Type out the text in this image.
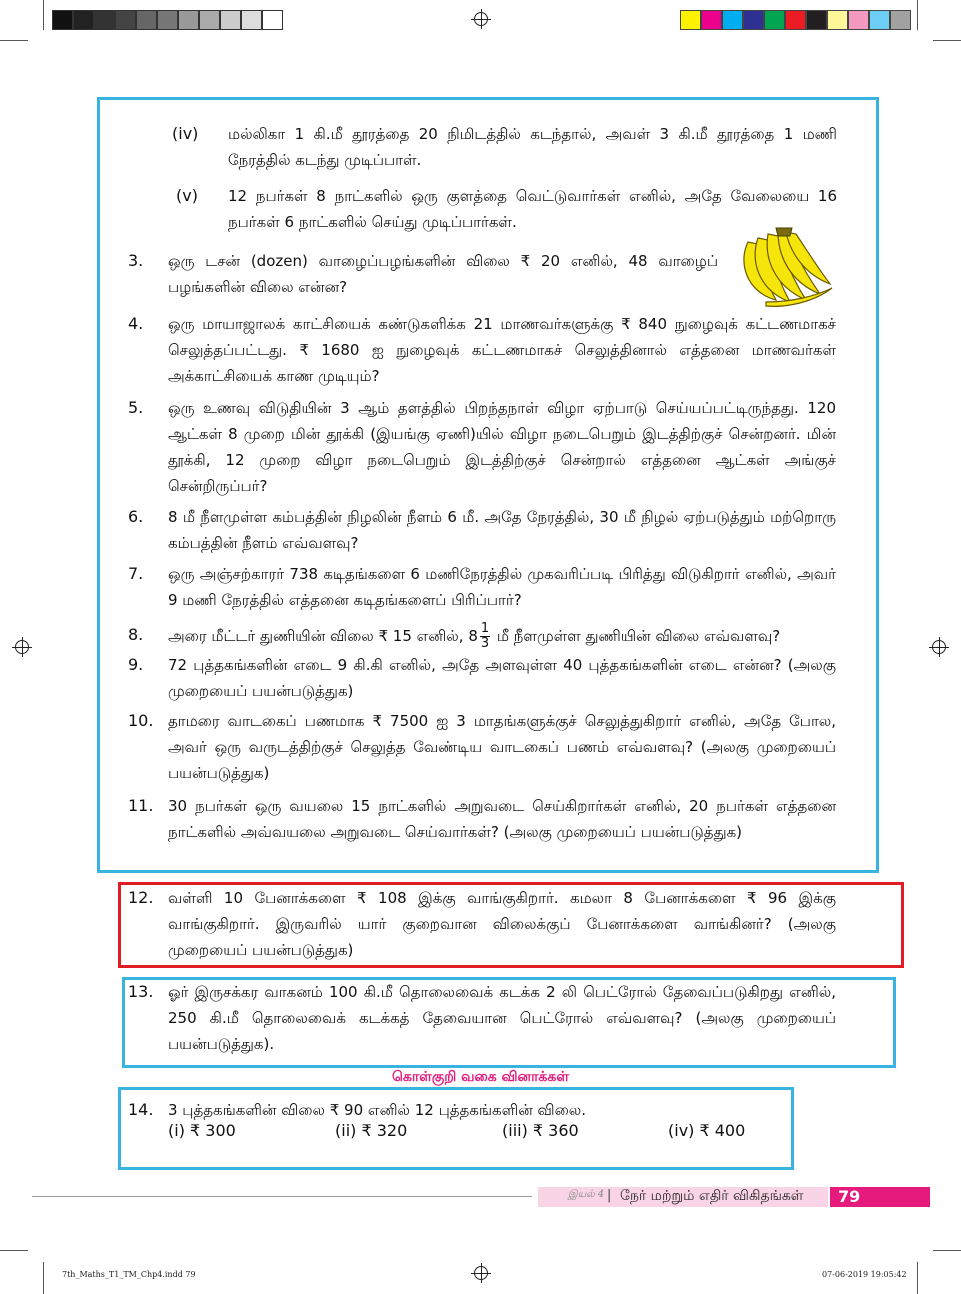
(iv) மல்லிகா 1 கி.மீ தூரத்தை 20 நிமிடத்தில் கடந்தால், அவள் 3 கி.மீ தூரத்தை 1 மணி நேரத்தில் கடந்து முடிப்பாள்.
(v) 12 நபர்கள் 8 நாட்களில் ஒரு குளத்தை வெட்டுவார்கள் எனில், அதே வேலையை 16 நபர்கள் 6 நாட்களில் செய்து முடிப்பார்கள்.
3. ஒரு டசன் (dozen) வாழைப்பழங்களின் விலை ₹ 20 எனில், 48 வாழைப் பழங்களின் விலை என்ன?
4. ஒரு மாயாஜாலக் காட்சியைக் கண்டுகளிக்க 21 மாணவர்களுக்கு ₹ 840 நுழைவுக் கட்டணமாகச் செலுத்தப்பட்டது. ₹ 1680 ஐ நுழைவுக் கட்டணமாகச் செலுத்தினால் எத்தனை மாணவர்கள் அக்காட்சியைக் காண முடியும்?
5. ஒரு உணவு விடுதியின் 3 ஆம் தளத்தில் பிறந்தநாள் விழா ஏற்பாடு செய்யப்பட்டிருந்தது. 120 ஆட்கள் 8 முறை மின் தூக்கி (இயங்கு ஏணி)யில் விழா நடைபெறும் இடத்திற்குச் சென்றனர். மின் தூக்கி, 12 முறை விழா நடைபெறும் இடத்திற்குச் சென்றால் எத்தனை ஆட்கள் அங்குச் சென்றிருப்பர்?
6. 8 மீ நீளமுள்ள கம்பத்தின் நிழலின் நீளம் 6 மீ. அதே நேரத்தில், 30 மீ நிழல் ஏற்படுத்தும் மற்றொரு கம்பத்தின் நீளம் எவ்வளவு?
7. ஒரு அஞ்சற்காரர் 738 கடிதங்களை 6 மணிநேரத்தில் முகவரிப்படி பிரித்து விடுகிறார் எனில், அவர் 9 மணி நேரத்தில் எத்தனை கடிதங்களைப் பிரிப்பார்?
8. அரை மீட்டர் துணியின் விலை ₹ 15 எனில், $8 \frac{1}{3}$ மீ நீளமுள்ள துணியின் விலை எவ்வளவு?
9. 72 புத்தகங்களின் எடை 9 கி.கி எனில், அதே அளவுள்ள 40 புத்தகங்களின் எடை என்ன? (அலகு முறையைப் பயன்படுத்துக)
10. தாமரை வாடகைப் பணமாக ₹ 7500 ஐ 3 மாதங்களுக்குச் செலுத்துகிறார் எனில், அதே போல, அவர் ஒரு வருடத்திற்குச் செலுத்த வேண்டிய வாடகைப் பணம் எவ்வளவு? (அலகு முறையைப் பயன்படுத்துக)
11. 30 நபர்கள் ஒரு வயலை 15 நாட்களில் அறுவடை செய்கிறார்கள் எனில், 20 நபர்கள் எத்தனை நாட்களில் அவ்வயலை அறுவடை செய்வார்கள்? (அலகு முறையைப் பயன்படுத்துக)
12. வள்ளி 10 பேனாக்களை ₹ 108 இக்கு வாங்குகிறார். கமலா 8 பேனாக்களை ₹ 96 இக்கு வாங்குகிறார். இருவரில் யார் குறைவான விலைக்குப் பேனாக்களை வாங்கினர்? (அலகு முறையைப் பயன்படுத்துக)
13. ஓர் இருசக்கர வாகனம் 100 கி.மீ தொலைவைக் கடக்க 2 லி பெட்ரோல் தேவைப்படுகிறது எனில், 250 கி.மீ தொலைவைக் கடக்கத் தேவையான பெட்ரோல் எவ்வளவு? (அலகு முறையைப் பயன்படுத்துக).
கொள்குறி வகை வினாக்கள்
14. 3 புத்தகங்களின் விலை ₹ 90 எனில் 12 புத்தகங்களின் விலை.
(i) ₹ 300	(ii) ₹ 320	(iii) ₹ 360	(iv) ₹ 400
இயல் 4 | நேர் மற்றும் எதிர் விகிதங்கள்	79
7th_Maths_T1_TM_Chp4.indd 79	07-06-2019 19:05:42
